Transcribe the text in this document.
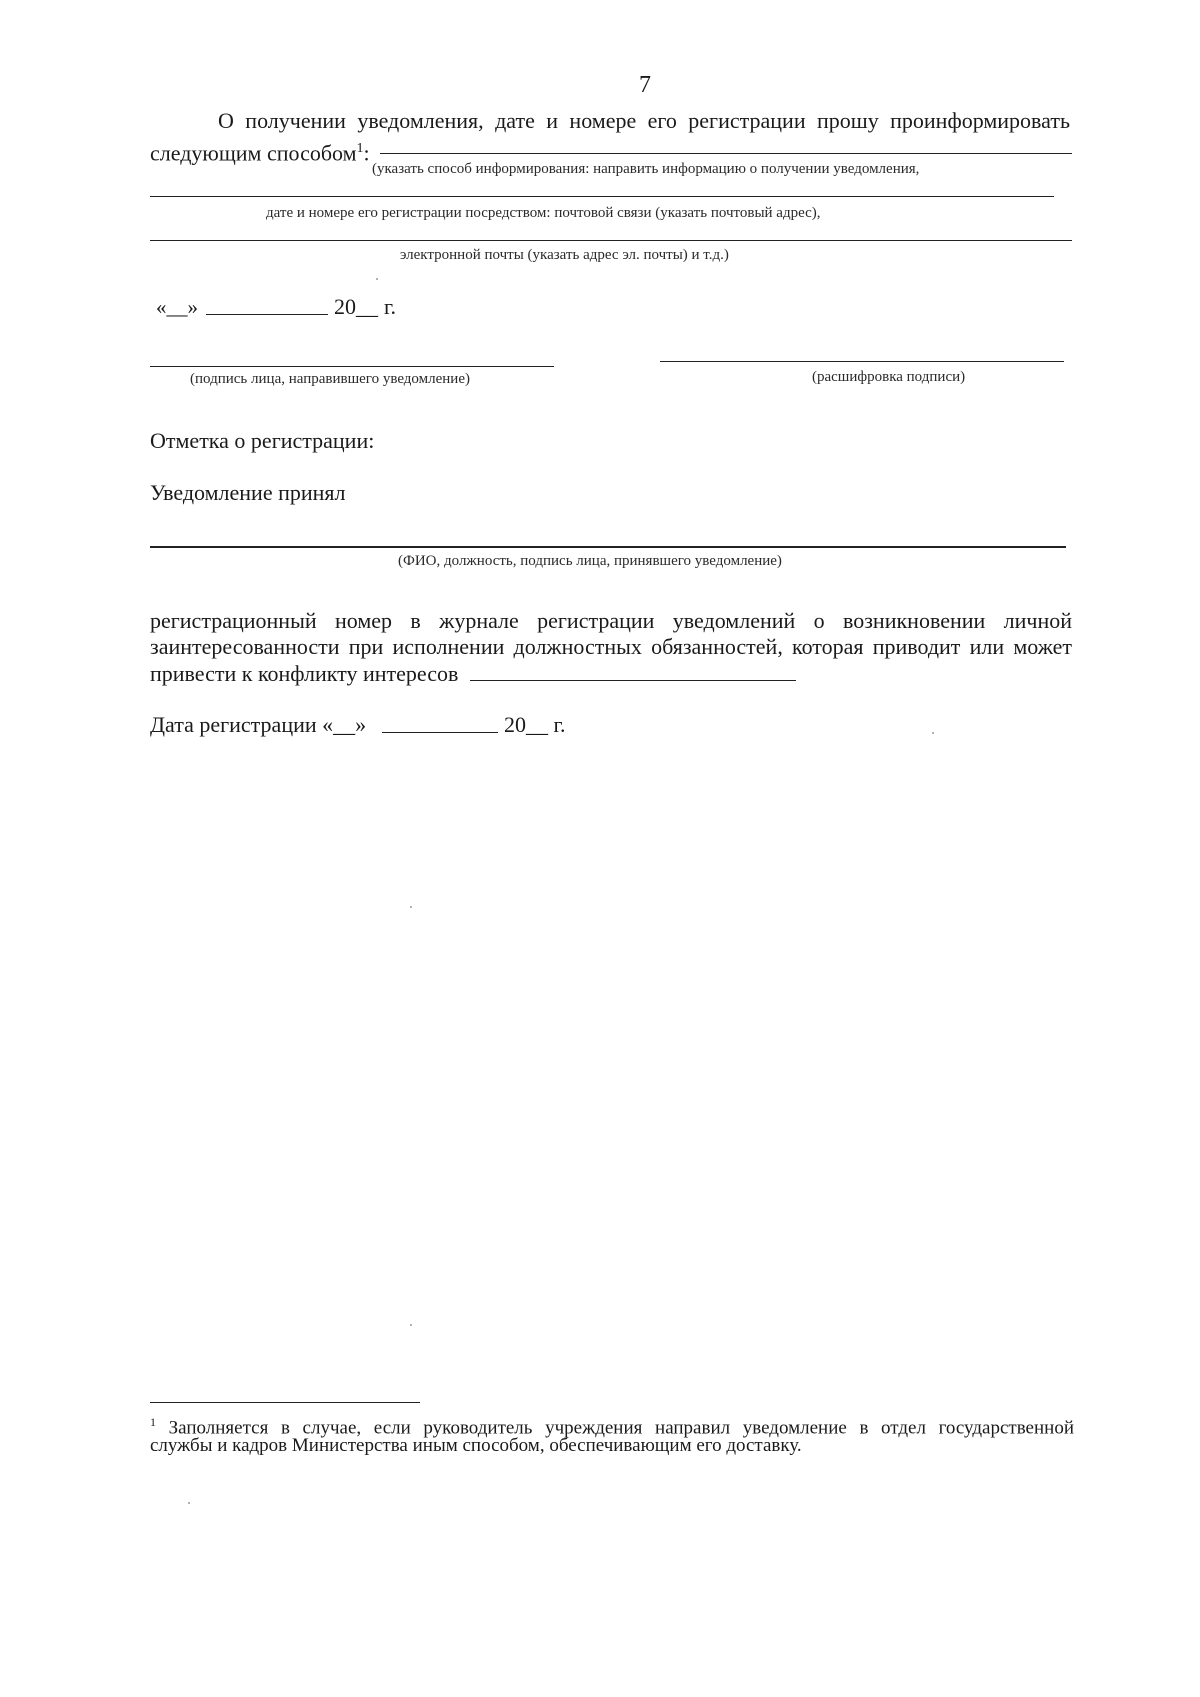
7
О получении уведомления, дате и номере его регистрации прошу проинформировать
следующим способом$^1$:
(указать способ информирования: направить информацию о получении уведомления,
дате и номере его регистрации посредством: почтовой связи (указать почтовый адрес),
электронной почты (указать адрес эл. почты) и т.д.)
«__»	20__ г.
(подпись лица, направившего уведомление)	(расшифровка подписи)
Отметка о регистрации:
Уведомление принял
(ФИО, должность, подпись лица, принявшего уведомление)
регистрационный номер в журнале регистрации уведомлений о возникновении личной
заинтересованности при исполнении должностных обязанностей, которая приводит или может
привести к конфликту интересов
Дата регистрации «__»	20__ г.
$^1$ Заполняется в случае, если руководитель учреждения направил уведомление в отдел государственной
службы и кадров Министерства иным способом, обеспечивающим его доставку.
